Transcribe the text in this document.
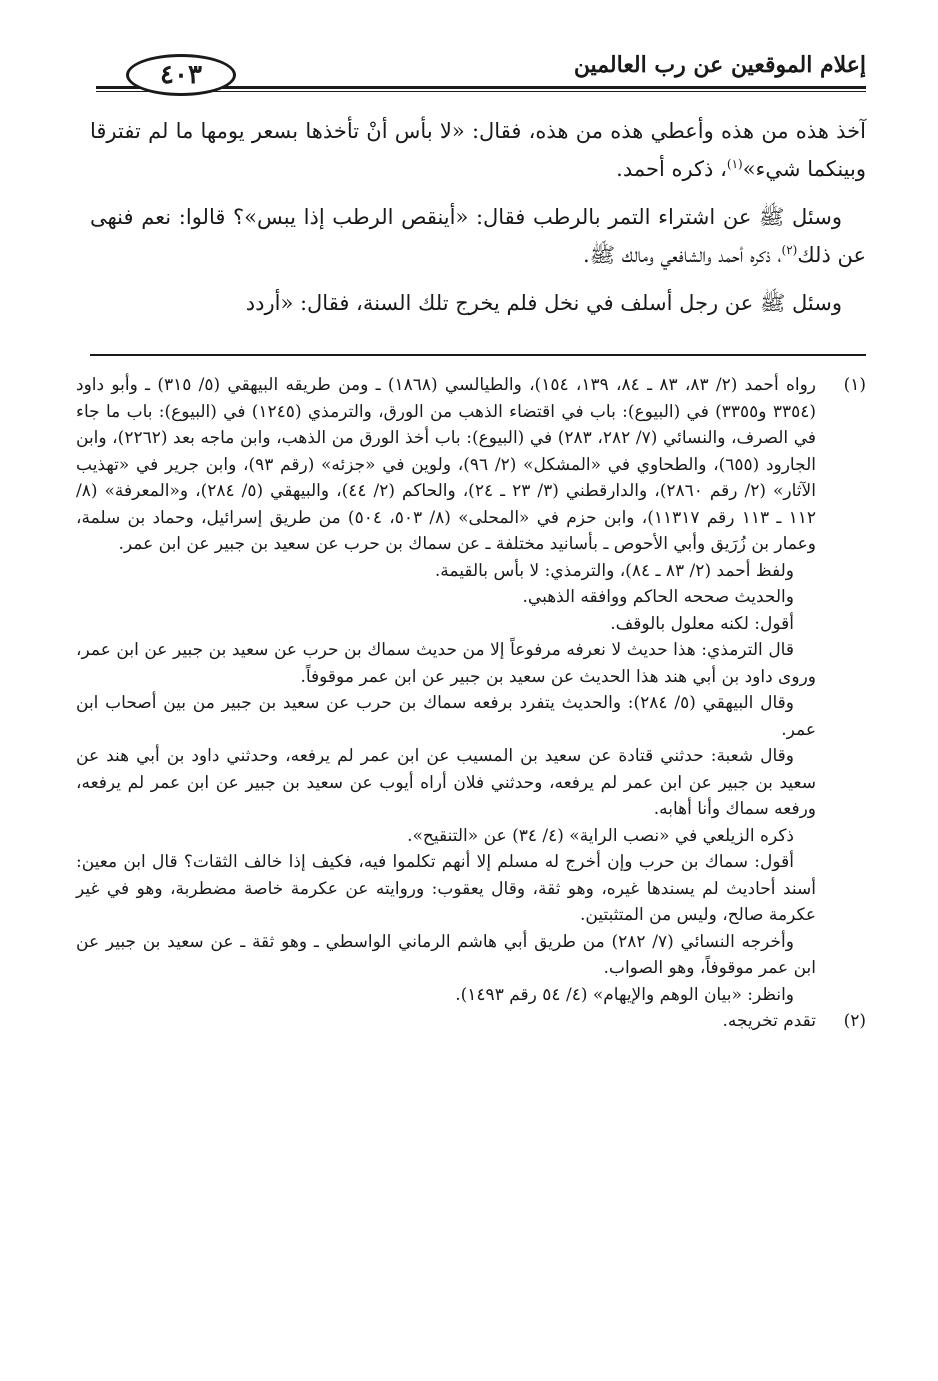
إعلام الموقعين عن رب العالمين
٤٠٣

آخذ هذه من هذه وأعطي هذه من هذه، فقال: «لا بأس أنْ تأخذها بسعر يومها ما لم تفترقا وبينكما شيء»$^{(١)}$، ذكره أحمد.

وسئل ﷺ عن اشتراء التمر بالرطب فقال: «أينقص الرطب إذا يبس»؟ قالوا: نعم فنهى عن ذلك$^{(٢)}$، ذكره أحمد والشافعي ومالك ﷺ.

وسئل ﷺ عن رجل أسلف في نخل فلم يخرج تلك السنة، فقال: «أردد

(١)

رواه أحمد (٢/ ٨٣، ٨٣ ـ ٨٤، ١٣٩، ١٥٤)، والطيالسي (١٨٦٨) ـ ومن طريقه البيهقي (٥/ ٣١٥) ـ وأبو داود (٣٣٥٤ و٣٣٥٥) في (البيوع): باب في اقتضاء الذهب من الورق، والترمذي (١٢٤٥) في (البيوع): باب ما جاء في الصرف، والنسائي (٧/ ٢٨٢، ٢٨٣) في (البيوع): باب أخذ الورق من الذهب، وابن ماجه بعد (٢٢٦٢)، وابن الجارود (٦٥٥)، والطحاوي في «المشكل» (٢/ ٩٦)، ولوين في «جزئه» (رقم ٩٣)، وابن جرير في «تهذيب الآثار» (٢/ رقم ٢٨٦٠)، والدارقطني (٣/ ٢٣ ـ ٢٤)، والحاكم (٢/ ٤٤)، والبيهقي (٥/ ٢٨٤)، و«المعرفة» (٨/ ١١٢ ـ ١١٣ رقم ١١٣١٧)، وابن حزم في «المحلى» (٨/ ٥٠٣، ٥٠٤) من طريق إسرائيل، وحماد بن سلمة، وعمار بن زُرَيق وأبي الأحوص ـ بأسانيد مختلفة ـ عن سماك بن حرب عن سعيد بن جبير عن ابن عمر.

ولفظ أحمد (٢/ ٨٣ ـ ٨٤)، والترمذي: لا بأس بالقيمة.

والحديث صححه الحاكم ووافقه الذهبي.

أقول: لكنه معلول بالوقف.

قال الترمذي: هذا حديث لا نعرفه مرفوعاً إلا من حديث سماك بن حرب عن سعيد بن جبير عن ابن عمر، وروى داود بن أبي هند هذا الحديث عن سعيد بن جبير عن ابن عمر موقوفاً.

وقال البيهقي (٥/ ٢٨٤): والحديث يتفرد برفعه سماك بن حرب عن سعيد بن جبير من بين أصحاب ابن عمر.

وقال شعبة: حدثني قتادة عن سعيد بن المسيب عن ابن عمر لم يرفعه، وحدثني داود بن أبي هند عن سعيد بن جبير عن ابن عمر لم يرفعه، وحدثني فلان أراه أيوب عن سعيد بن جبير عن ابن عمر لم يرفعه، ورفعه سماك وأنا أهابه.

ذكره الزيلعي في «نصب الراية» (٤/ ٣٤) عن «التنقيح».

أقول: سماك بن حرب وإن أخرج له مسلم إلا أنهم تكلموا فيه، فكيف إذا خالف الثقات؟ قال ابن معين: أسند أحاديث لم يسندها غيره، وهو ثقة، وقال يعقوب: وروايته عن عكرمة خاصة مضطربة، وهو في غير عكرمة صالح، وليس من المتثبتين.

وأخرجه النسائي (٧/ ٢٨٢) من طريق أبي هاشم الرماني الواسطي ـ وهو ثقة ـ عن سعيد بن جبير عن ابن عمر موقوفاً، وهو الصواب.

وانظر: «بيان الوهم والإيهام» (٤/ ٥٤ رقم ١٤٩٣).

(٢)

تقدم تخريجه.
